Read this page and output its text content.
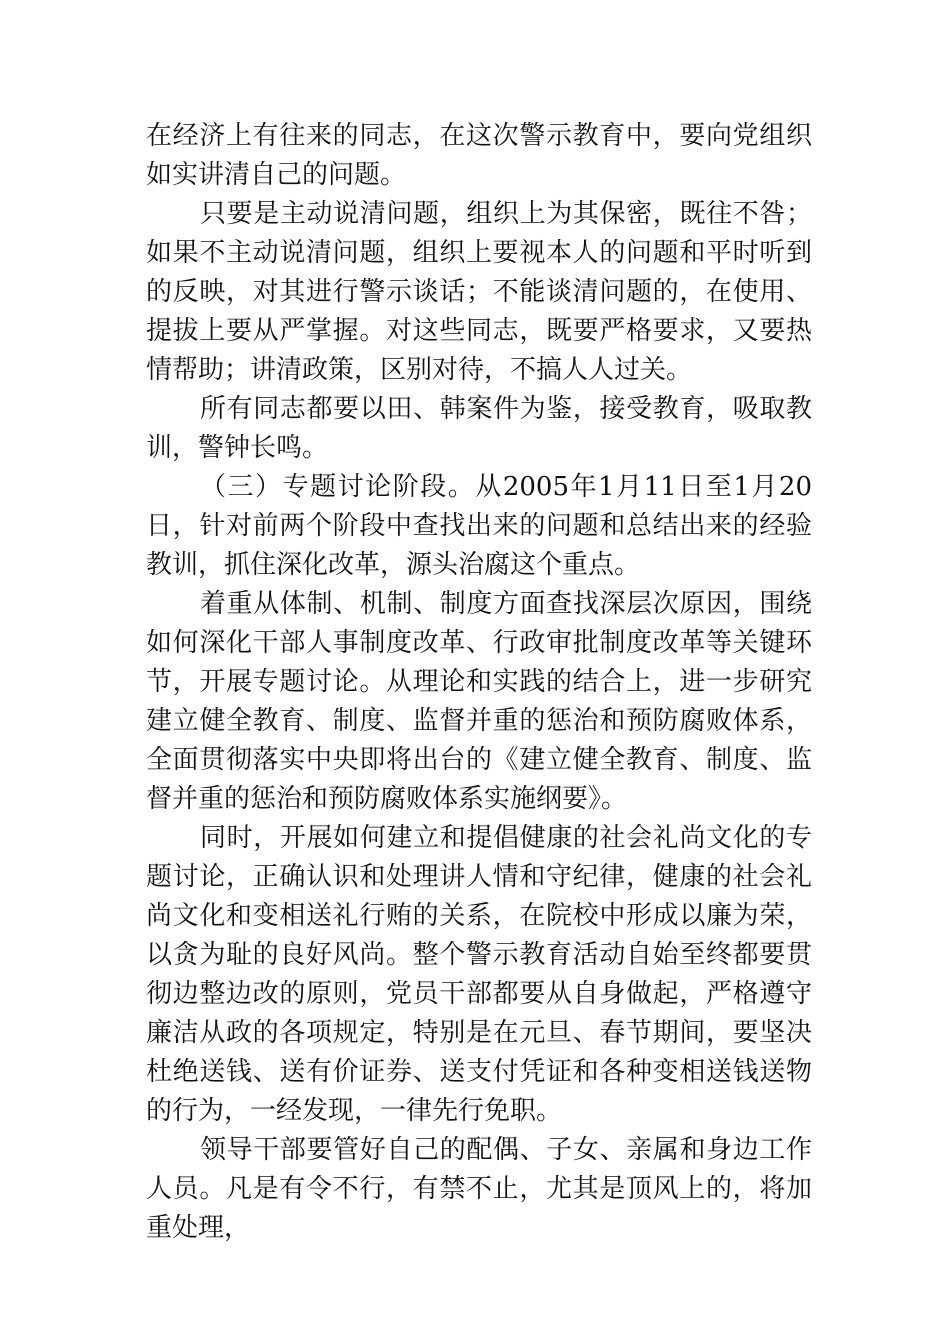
在经济上有往来的同志，在这次警示教育中，要向党组织如实讲清自己的问题。

只要是主动说清问题，组织上为其保密，既往不咎；如果不主动说清问题，组织上要视本人的问题和平时听到的反映，对其进行警示谈话；不能谈清问题的，在使用、提拔上要从严掌握。对这些同志，既要严格要求，又要热情帮助；讲清政策，区别对待，不搞人人过关。

所有同志都要以田、韩案件为鉴，接受教育，吸取教训，警钟长鸣。

（三）专题讨论阶段。从2005年1月11日至1月20日，针对前两个阶段中查找出来的问题和总结出来的经验教训，抓住深化改革，源头治腐这个重点。

着重从体制、机制、制度方面查找深层次原因，围绕如何深化干部人事制度改革、行政审批制度改革等关键环节，开展专题讨论。从理论和实践的结合上，进一步研究建立健全教育、制度、监督并重的惩治和预防腐败体系，全面贯彻落实中央即将出台的《建立健全教育、制度、监督并重的惩治和预防腐败体系实施纲要》。

同时，开展如何建立和提倡健康的社会礼尚文化的专题讨论，正确认识和处理讲人情和守纪律，健康的社会礼尚文化和变相送礼行贿的关系，在院校中形成以廉为荣，以贪为耻的良好风尚。整个警示教育活动自始至终都要贯彻边整边改的原则，党员干部都要从自身做起，严格遵守廉洁从政的各项规定，特别是在元旦、春节期间，要坚决杜绝送钱、送有价证券、送支付凭证和各种变相送钱送物的行为，一经发现，一律先行免职。

领导干部要管好自己的配偶、子女、亲属和身边工作人员。凡是有令不行，有禁不止，尤其是顶风上的，将加重处理，
